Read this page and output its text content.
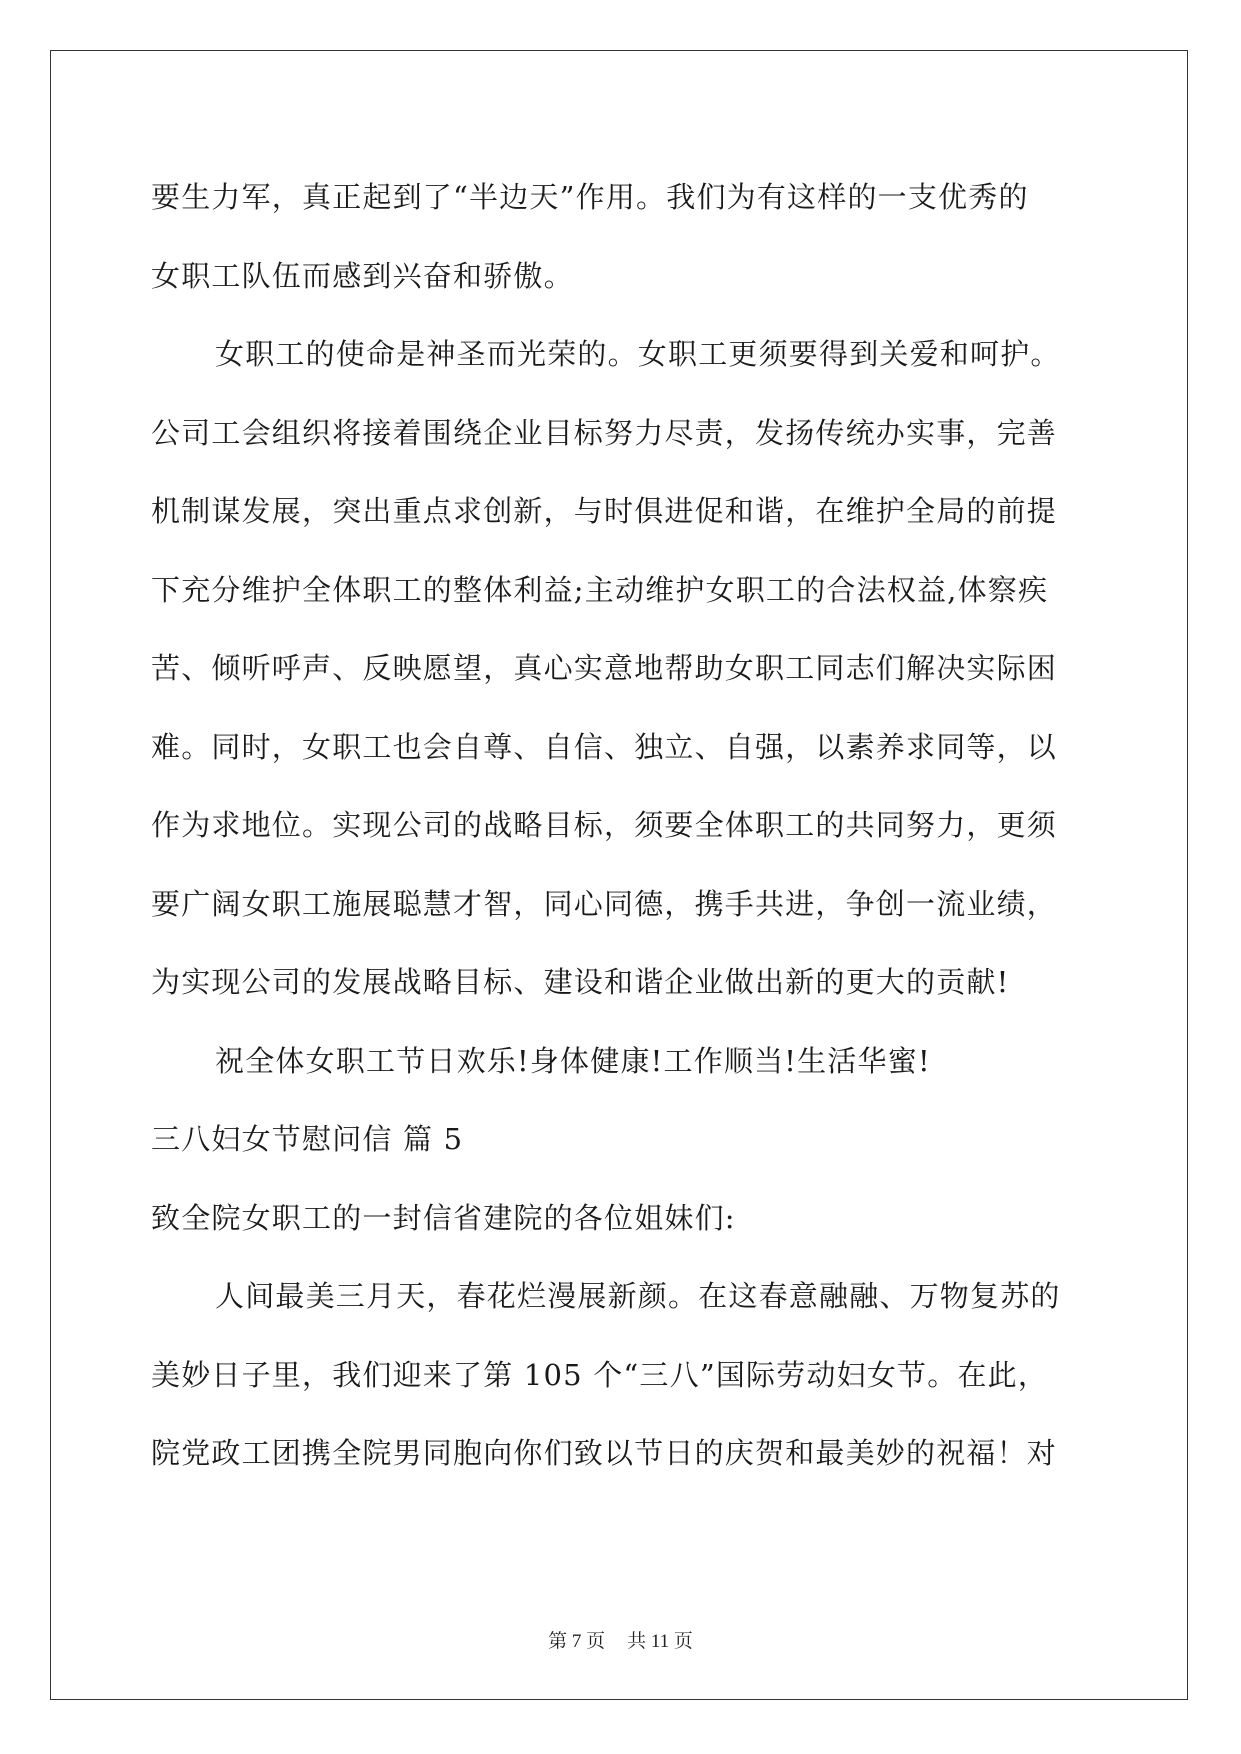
要生力军，真正起到了“半边天”作用。我们为有这样的一支优秀的
女职工队伍而感到兴奋和骄傲。
女职工的使命是神圣而光荣的。女职工更须要得到关爱和呵护。
公司工会组织将接着围绕企业目标努力尽责，发扬传统办实事，完善
机制谋发展，突出重点求创新，与时俱进促和谐，在维护全局的前提
下充分维护全体职工的整体利益;主动维护女职工的合法权益,体察疾
苦、倾听呼声、反映愿望，真心实意地帮助女职工同志们解决实际困
难。同时，女职工也会自尊、自信、独立、自强，以素养求同等，以
作为求地位。实现公司的战略目标，须要全体职工的共同努力，更须
要广阔女职工施展聪慧才智，同心同德，携手共进，争创一流业绩，
为实现公司的发展战略目标、建设和谐企业做出新的更大的贡献!
祝全体女职工节日欢乐!身体健康!工作顺当!生活华蜜!
三八妇女节慰问信 篇 5
致全院女职工的一封信省建院的各位姐妹们:
人间最美三月天，春花烂漫展新颜。在这春意融融、万物复苏的
美妙日子里，我们迎来了第 105 个“三八”国际劳动妇女节。在此，
院党政工团携全院男同胞向你们致以节日的庆贺和最美妙的祝福！对
第 7 页 共 11 页
